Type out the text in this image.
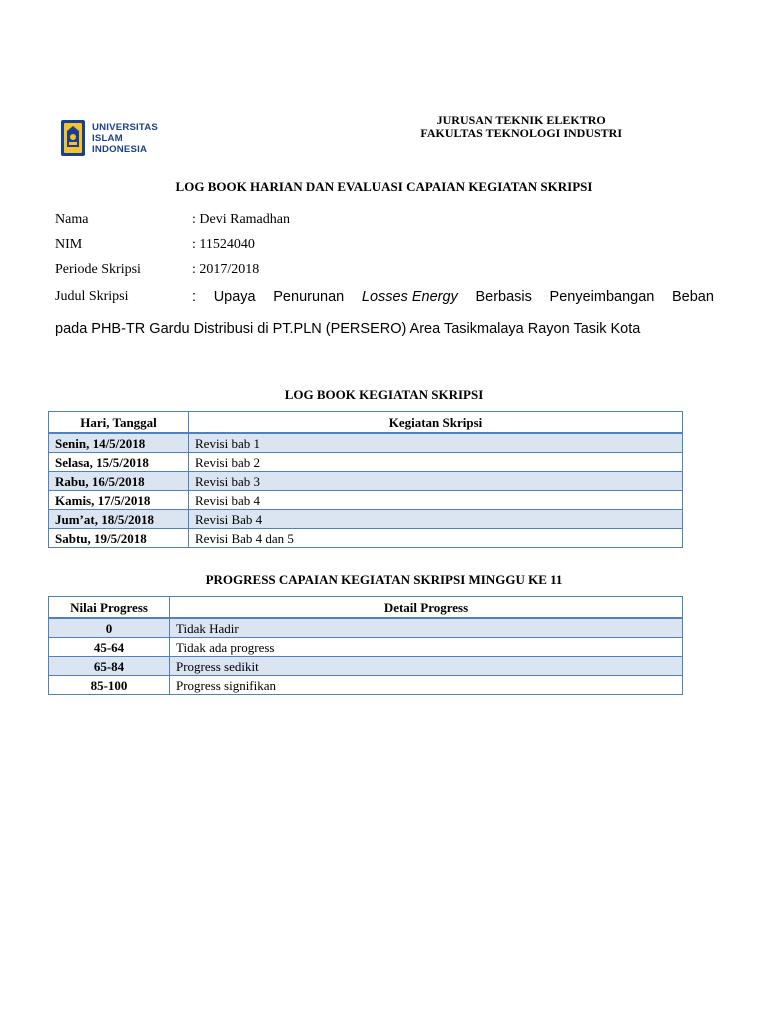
UNIVERSITAS
ISLAM
INDONESIA
JURUSAN TEKNIK ELEKTRO
FAKULTAS TEKNOLOGI INDUSTRI
LOG BOOK HARIAN DAN EVALUASI CAPAIAN KEGIATAN SKRIPSI
Nama	: Devi Ramadhan
NIM	: 11524040
Periode Skripsi	: 2017/2018
Judul Skripsi	: Upaya Penurunan Losses Energy Berbasis Penyeimbangan Beban
pada PHB-TR Gardu Distribusi di PT.PLN (PERSERO) Area Tasikmalaya Rayon Tasik Kota
LOG BOOK KEGIATAN SKRIPSI
Hari, Tanggal	Kegiatan Skripsi
Senin, 14/5/2018	Revisi bab 1
Selasa, 15/5/2018	Revisi bab 2
Rabu, 16/5/2018	Revisi bab 3
Kamis, 17/5/2018	Revisi bab 4
Jum’at, 18/5/2018	Revisi Bab 4
Sabtu, 19/5/2018	Revisi Bab 4 dan 5
PROGRESS CAPAIAN KEGIATAN SKRIPSI MINGGU KE 11
Nilai Progress	Detail Progress
0	Tidak Hadir
45-64	Tidak ada progress
65-84	Progress sedikit
85-100	Progress signifikan
